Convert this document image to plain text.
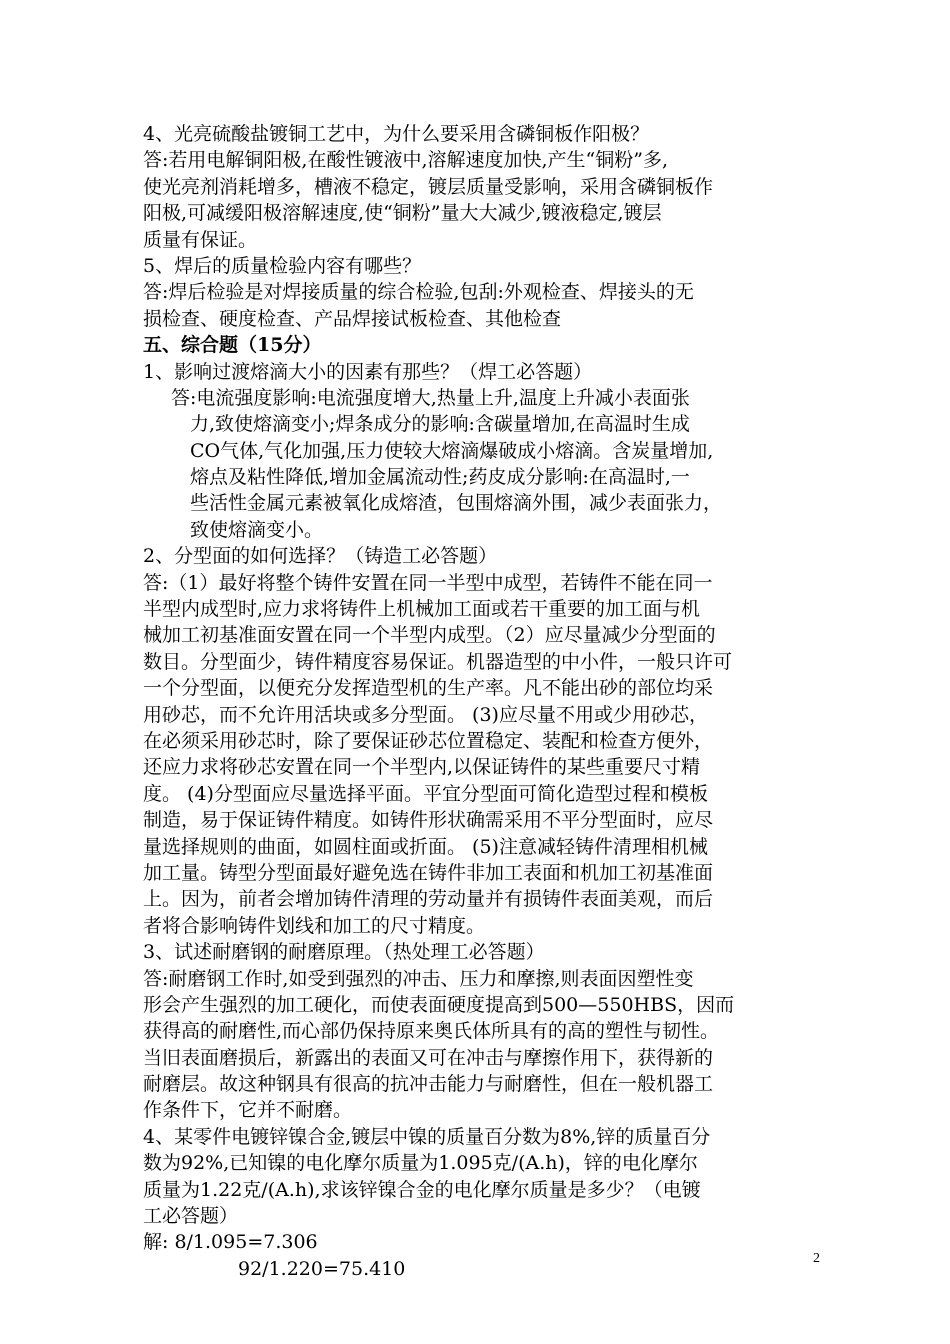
4、光亮硫酸盐镀铜工艺中，为什么要采用含磷铜板作阳极？
答:若用电解铜阳极,在酸性镀液中,溶解速度加快,产生“铜粉”多,
使光亮剂消耗增多，槽液不稳定，镀层质量受影响，采用含磷铜板作
阳极,可减缓阳极溶解速度,使“铜粉”量大大减少,镀液稳定,镀层
质量有保证。
5、焊后的质量检验内容有哪些？
答:焊后检验是对焊接质量的综合检验,包刮:外观检查、焊接头的无
损检查、硬度检查、产品焊接试板检查、其他检查
五、综合题（15分）
1、影响过渡熔滴大小的因素有那些？（焊工必答题）
答:电流强度影响:电流强度增大,热量上升,温度上升减小表面张
力,致使熔滴变小;焊条成分的影响:含碳量增加,在高温时生成
CO气体,气化加强,压力使较大熔滴爆破成小熔滴。含炭量增加,
熔点及粘性降低,增加金属流动性;药皮成分影响:在高温时,一
些活性金属元素被氧化成熔渣，包围熔滴外围，减少表面张力，
致使熔滴变小。
2、分型面的如何选择？（铸造工必答题）
答:（1）最好将整个铸件安置在同一半型中成型，若铸件不能在同一
半型内成型时,应力求将铸件上机械加工面或若干重要的加工面与机
械加工初基准面安置在同一个半型内成型。（2）应尽量减少分型面的
数目。分型面少，铸件精度容易保证。机器造型的中小件，一般只许可
一个分型面，以便充分发挥造型机的生产率。凡不能出砂的部位均采
用砂芯，而不允许用活块或多分型面。 (3)应尽量不用或少用砂芯，
在必须采用砂芯时，除了要保证砂芯位置稳定、装配和检查方便外，
还应力求将砂芯安置在同一个半型内,以保证铸件的某些重要尺寸精
度。 (4)分型面应尽量选择平面。平宜分型面可简化造型过程和模板
制造，易于保证铸件精度。如铸件形状确需采用不平分型面时，应尽
量选择规则的曲面，如圆柱面或折面。 (5)注意减轻铸件清理相机械
加工量。铸型分型面最好避免选在铸件非加工表面和机加工初基准面
上。因为，前者会增加铸件清理的劳动量并有损铸件表面美观，而后
者将合影响铸件划线和加工的尺寸精度。
3、试述耐磨钢的耐磨原理。（热处理工必答题）
答:耐磨钢工作时,如受到强烈的冲击、压力和摩擦,则表面因塑性变
形会产生强烈的加工硬化，而使表面硬度提高到500—550HBS，因而
获得高的耐磨性,而心部仍保持原来奥氏体所具有的高的塑性与韧性。
当旧表面磨损后，新露出的表面又可在冲击与摩擦作用下，获得新的
耐磨层。故这种钢具有很高的抗冲击能力与耐磨性，但在一般机器工
作条件下，它并不耐磨。
4、某零件电镀锌镍合金,镀层中镍的质量百分数为8%,锌的质量百分
数为92%,已知镍的电化摩尔质量为1.095克/(A.h)，锌的电化摩尔
质量为1.22克/(A.h),求该锌镍合金的电化摩尔质量是多少？（电镀
工必答题）
解: 8/1.095=7.306
92/1.220=75.410	2
